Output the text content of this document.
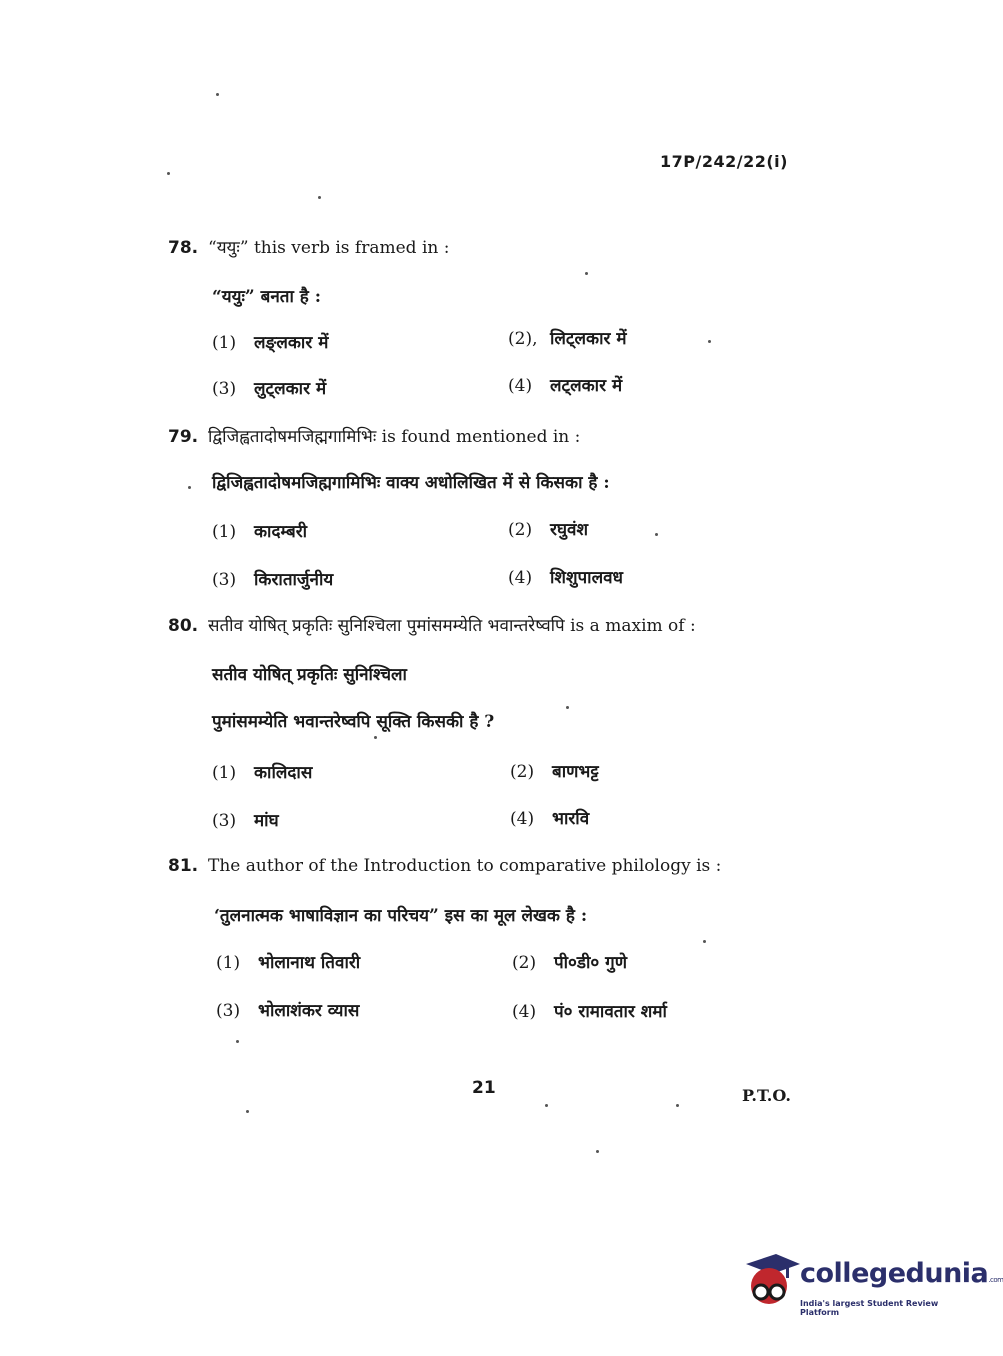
17P/242/22(i)
78. “ययुः” this verb is framed in :
“ययुः” बनता है :
(1) लङ्लकार में	(2), लिट्लकार में
(3) लुट्लकार में	(4) लट्लकार में
79. द्विजिह्वतादोषमजिह्मगामिभिः is found mentioned in :
द्विजिह्वतादोषमजिह्मगामिभिः वाक्य अधोलिखित में से किसका है :
(1) कादम्बरी	(2) रघुवंश
(3) किरातार्जुनीय	(4) शिशुपालवध
80. सतीव योषित् प्रकृतिः सुनिश्चिला पुमांसमम्येति भवान्तरेष्वपि is a maxim of :
सतीव योषित् प्रकृतिः सुनिश्चिला
पुमांसमम्येति भवान्तरेष्वपि सूक्ति किसकी है ?
(1) कालिदास	(2) बाणभट्ट
(3) मांघ	(4) भारवि
81. The author of the Introduction to comparative philology is :
‘तुलनात्मक भाषाविज्ञान का परिचय” इस का मूल लेखक है :
(1) भोलानाथ तिवारी	(2) पी०डी० गुणे
(3) भोलाशंकर व्यास	(4) पं० रामावतार शर्मा
21	P.T.O.
collegedunia.com
India's largest Student Review Platform
